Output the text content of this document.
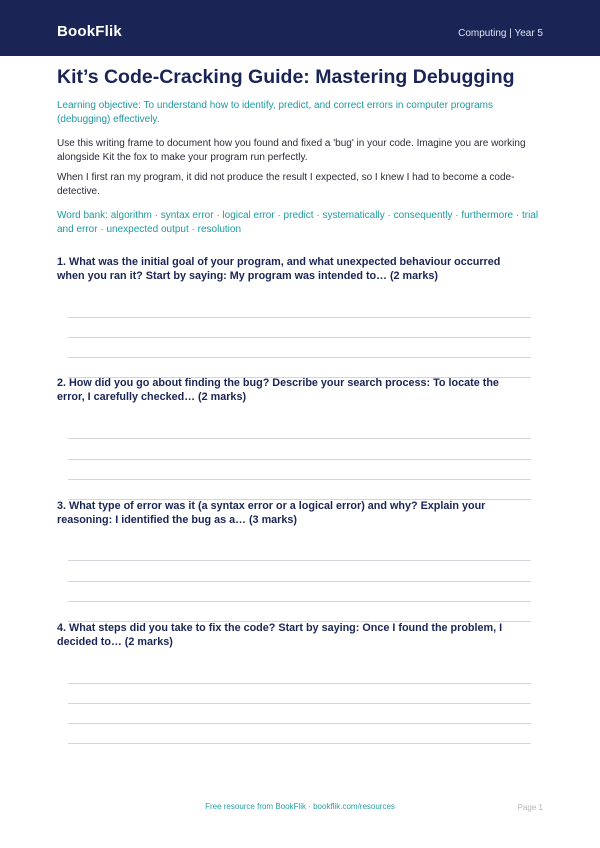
BookFlik	Computing | Year 5
Kit’s Code-Cracking Guide: Mastering Debugging
Learning objective: To understand how to identify, predict, and correct errors in computer programs (debugging) effectively.
Use this writing frame to document how you found and fixed a 'bug' in your code. Imagine you are working alongside Kit the fox to make your program run perfectly.
When I first ran my program, it did not produce the result I expected, so I knew I had to become a code-detective.
Word bank: algorithm · syntax error · logical error · predict · systematically · consequently · furthermore · trial and error · unexpected output · resolution
1. What was the initial goal of your program, and what unexpected behaviour occurred when you ran it? Start by saying: My program was intended to… (2 marks)
2. How did you go about finding the bug? Describe your search process: To locate the error, I carefully checked… (2 marks)
3. What type of error was it (a syntax error or a logical error) and why? Explain your reasoning: I identified the bug as a… (3 marks)
4. What steps did you take to fix the code? Start by saying: Once I found the problem, I decided to… (2 marks)
Free resource from BookFlik · bookflik.com/resources	Page 1
